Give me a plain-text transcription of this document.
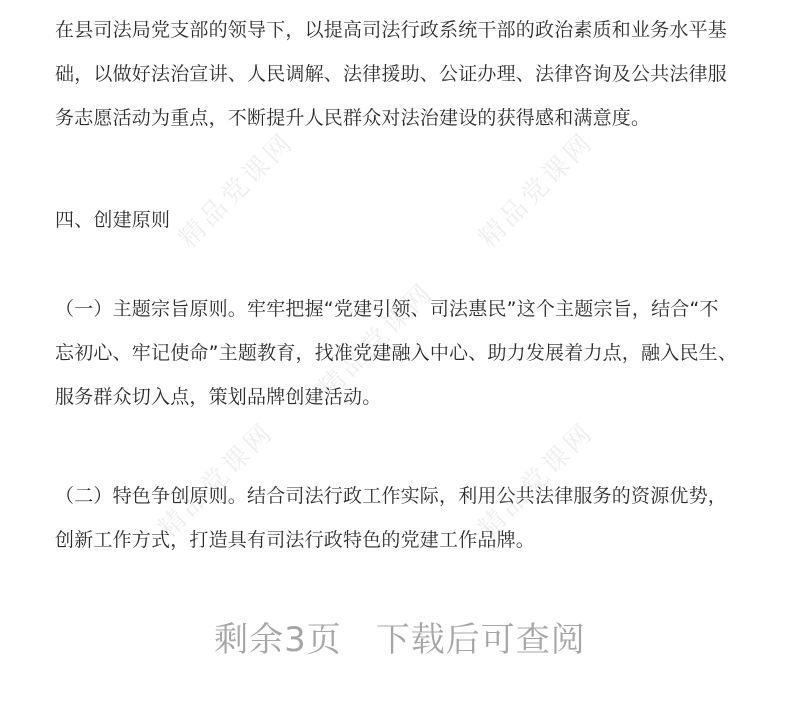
精品党课网	精品党课网
精品党课网
精品党课网	精品党课网
在县司法局党支部的领导下，以提高司法行政系统干部的政治素质和业务水平基
础，以做好法治宣讲、人民调解、法律援助、公证办理、法律咨询及公共法律服
务志愿活动为重点，不断提升人民群众对法治建设的获得感和满意度。
四、创建原则
（一）主题宗旨原则。牢牢把握“党建引领、司法惠民”这个主题宗旨，结合“不
忘初心、牢记使命”主题教育，找准党建融入中心、助力发展着力点，融入民生、
服务群众切入点，策划品牌创建活动。
（二）特色争创原则。结合司法行政工作实际，利用公共法律服务的资源优势，
创新工作方式，打造具有司法行政特色的党建工作品牌。
剩余3页 下载后可查阅
